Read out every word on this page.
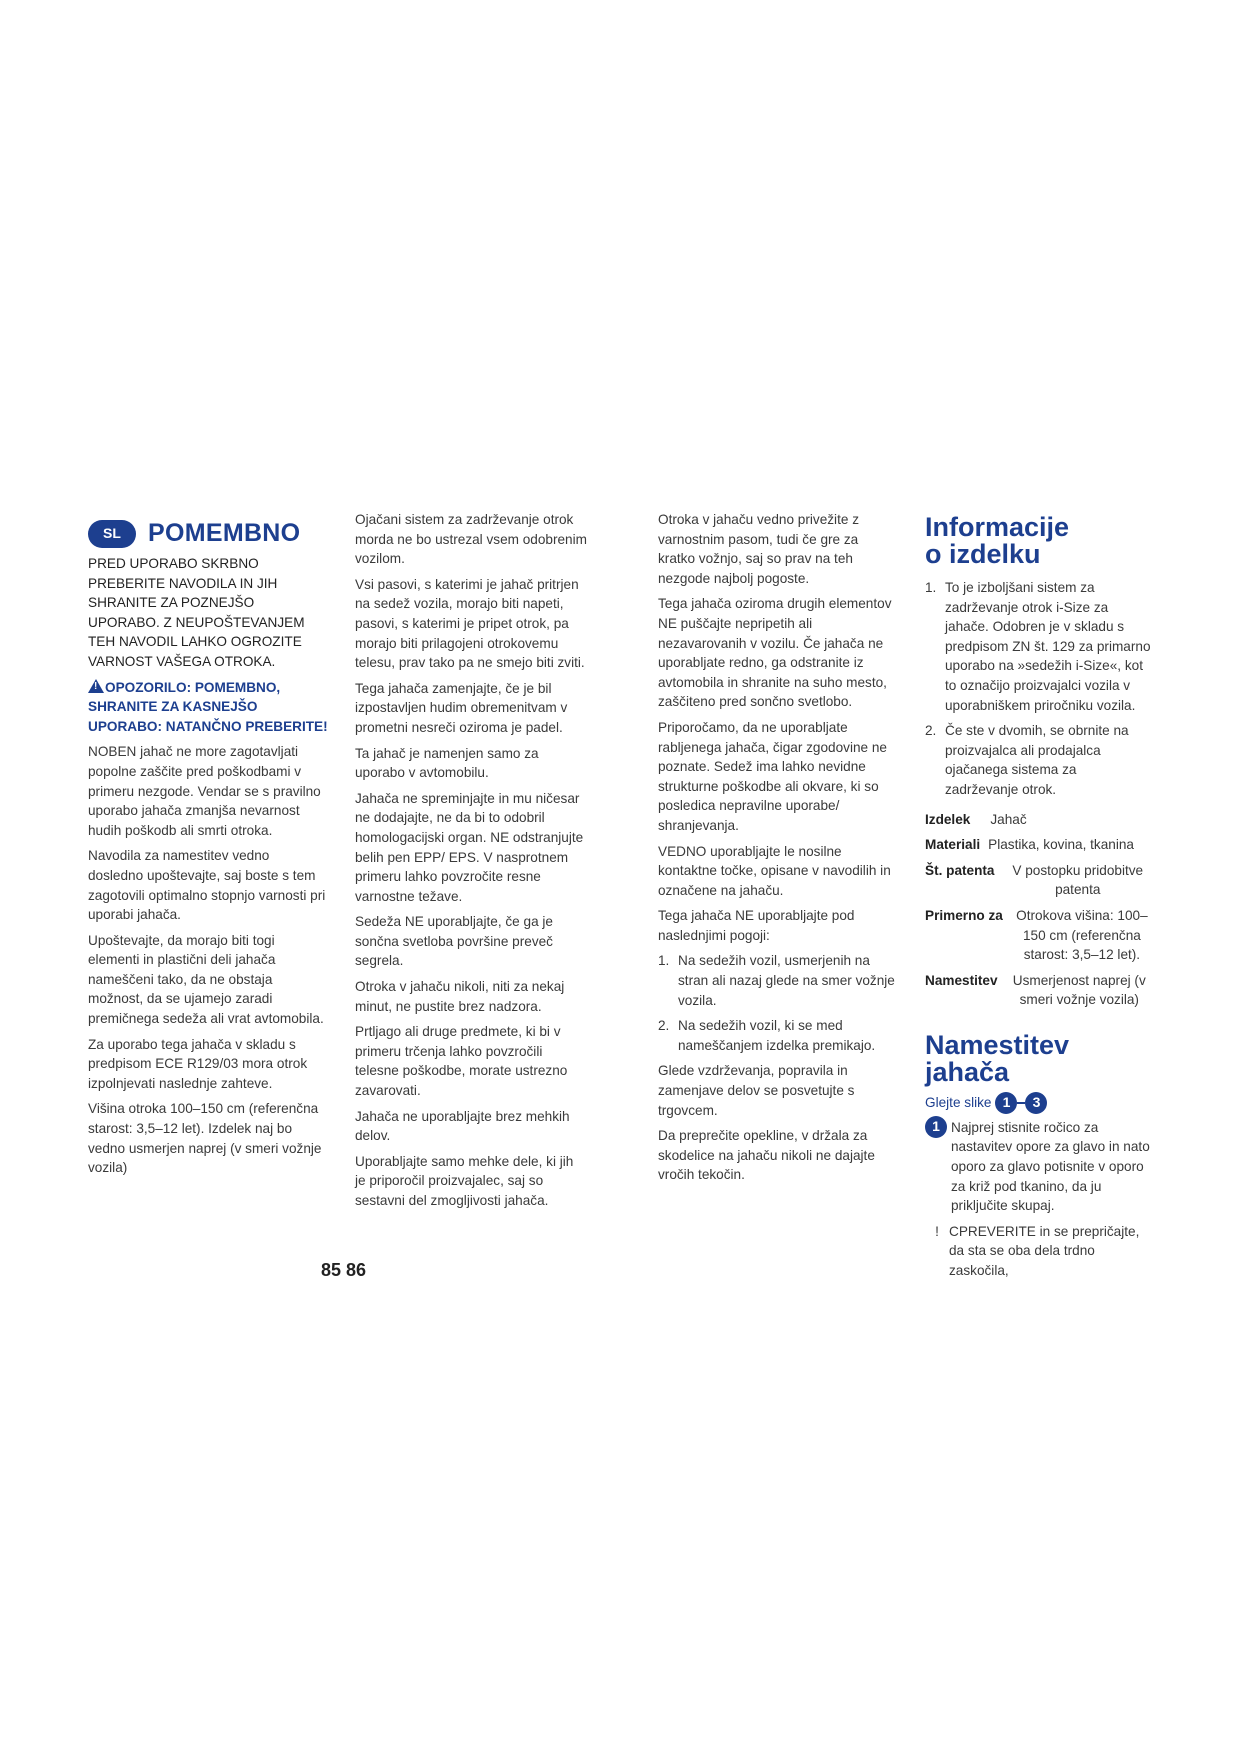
SL	POMEMBNO
PRED UPORABO SKRBNO PREBERITE NAVODILA IN JIH SHRANITE ZA POZNEJŠO UPORABO. Z NEUPOŠTEVANJEM TEH NAVODIL LAHKO OGROZITE VARNOST VAŠEGA OTROKA.
! OPOZORILO: POMEMBNO, SHRANITE ZA KASNEJŠO UPORABO: NATANČNO PREBERITE!

NOBEN jahač ne more zagotavljati popolne zaščite pred poškodbami v primeru nezgode. Vendar se s pravilno uporabo jahača zmanjša nevarnost hudih poškodb ali smrti otroka.

Navodila za namestitev vedno dosledno upoštevajte, saj boste s tem zagotovili optimalno stopnjo varnosti pri uporabi jahača.

Upoštevajte, da morajo biti togi elementi in plastični deli jahača nameščeni tako, da ne obstaja možnost, da se ujamejo zaradi premičnega sedeža ali vrat avtomobila.

Za uporabo tega jahača v skladu s predpisom ECE R129/03 mora otrok izpolnjevati naslednje zahteve.

Višina otroka 100–150 cm (referenčna starost: 3,5–12 let). Izdelek naj bo vedno usmerjen naprej (v smeri vožnje vozila)

Ojačani sistem za zadrževanje otrok morda ne bo ustrezal vsem odobrenim vozilom.

Vsi pasovi, s katerimi je jahač pritrjen na sedež vozila, morajo biti napeti, pasovi, s katerimi je pripet otrok, pa morajo biti prilagojeni otrokovemu telesu, prav tako pa ne smejo biti zviti.

Tega jahača zamenjajte, če je bil izpostavljen hudim obremenitvam v prometni nesreči oziroma je padel.

Ta jahač je namenjen samo za uporabo v avtomobilu.

Jahača ne spreminjajte in mu ničesar ne dodajajte, ne da bi to odobril homologacijski organ. NE odstranjujte belih pen EPP/ EPS. V nasprotnem primeru lahko povzročite resne varnostne težave.

Sedeža NE uporabljajte, če ga je sončna svetloba površine preveč segrela.

Otroka v jahaču nikoli, niti za nekaj minut, ne pustite brez nadzora.

Prtljago ali druge predmete, ki bi v primeru trčenja lahko povzročili telesne poškodbe, morate ustrezno zavarovati.

Jahača ne uporabljajte brez mehkih delov.

Uporabljajte samo mehke dele, ki jih je priporočil proizvajalec, saj so sestavni del zmogljivosti jahača.

Otroka v jahaču vedno privežite z varnostnim pasom, tudi če gre za kratko vožnjo, saj so prav na teh nezgode najbolj pogoste.

Tega jahača oziroma drugih elementov NE puščajte nepripetih ali nezavarovanih v vozilu. Če jahača ne uporabljate redno, ga odstranite iz avtomobila in shranite na suho mesto, zaščiteno pred sončno svetlobo.

Priporočamo, da ne uporabljate rabljenega jahača, čigar zgodovine ne poznate. Sedež ima lahko nevidne strukturne poškodbe ali okvare, ki so posledica nepravilne uporabe/ shranjevanja.

VEDNO uporabljajte le nosilne kontaktne točke, opisane v navodilih in označene na jahaču.

Tega jahača NE uporabljajte pod naslednjimi pogoji:

1. Na sedežih vozil, usmerjenih na stran ali nazaj glede na smer vožnje vozila.
2. Na sedežih vozil, ki se med nameščanjem izdelka premikajo.

Glede vzdrževanja, popravila in zamenjave delov se posvetujte s trgovcem.

Da preprečite opekline, v držala za skodelice na jahaču nikoli ne dajajte vročih tekočin.

Informacije o izdelku
1. To je izboljšani sistem za zadrževanje otrok i-Size za jahače. Odobren je v skladu s predpisom ZN št. 129 za primarno uporabo na »sedežih i-Size«, kot to označijo proizvajalci vozila v uporabniškem priročniku vozila.
2. Če ste v dvomih, se obrnite na proizvajalca ali prodajalca ojačanega sistema za zadrževanje otrok.
Izdelek Jahač
Materiali Plastika, kovina, tkanina
Št. patenta	V postopku pridobitve patenta
Primerno za Otrokova višina: 100–150 cm (referenčna starost: 3,5–12 let).
Namestitev	Usmerjenost naprej (v smeri vožnje vozila)
Namestitev jahača
Glejte slike 1	3
1 Najprej stisnite ročico za nastavitev opore za glavo in nato oporo za glavo potisnite v oporo za križ pod tkanino, da ju priključite skupaj.
! CPREVERITE in se prepričajte, da sta se oba dela trdno zaskočila,
85 86
